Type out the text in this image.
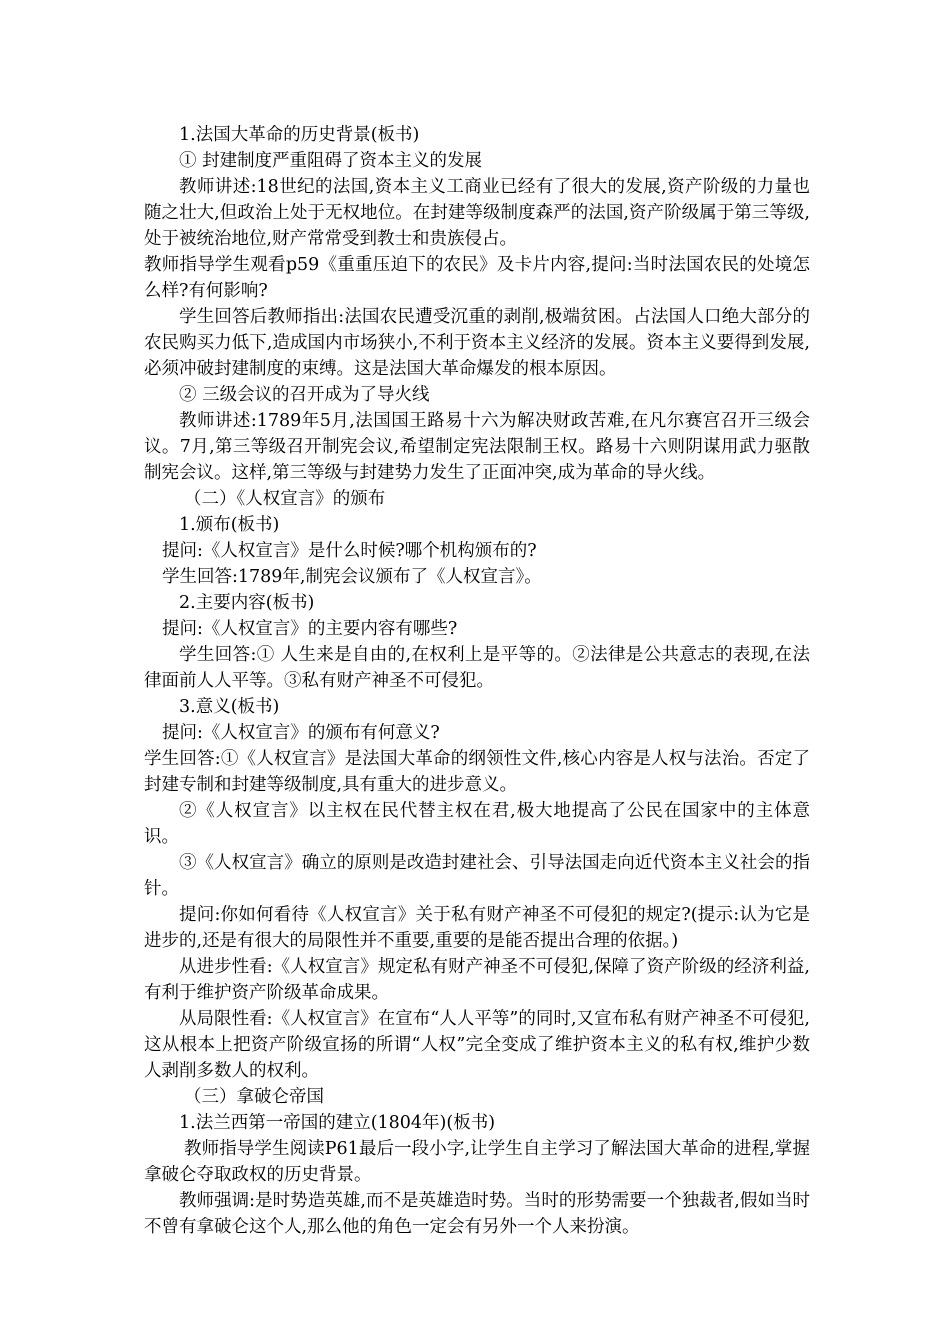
1.法国大革命的历史背景(板书)

① 封建制度严重阻碍了资本主义的发展

教师讲述:18世纪的法国,资本主义工商业已经有了很大的发展,资产阶级的力量也随之壮大,但政治上处于无权地位。在封建等级制度森严的法国,资产阶级属于第三等级,处于被统治地位,财产常常受到教士和贵族侵占。

教师指导学生观看p59《重重压迫下的农民》及卡片内容,提问:当时法国农民的处境怎么样?有何影响?

学生回答后教师指出:法国农民遭受沉重的剥削,极端贫困。占法国人口绝大部分的农民购买力低下,造成国内市场狭小,不利于资本主义经济的发展。资本主义要得到发展,必须冲破封建制度的束缚。这是法国大革命爆发的根本原因。

② 三级会议的召开成为了导火线

教师讲述:1789年5月,法国国王路易十六为解决财政苦难,在凡尔赛宫召开三级会议。7月,第三等级召开制宪会议,希望制定宪法限制王权。路易十六则阴谋用武力驱散制宪会议。这样,第三等级与封建势力发生了正面冲突,成为革命的导火线。

（二）《人权宣言》的颁布

1.颁布(板书)

提问:《人权宣言》是什么时候?哪个机构颁布的?

学生回答:1789年,制宪会议颁布了《人权宣言》。

2.主要内容(板书)

提问:《人权宣言》的主要内容有哪些?

学生回答:① 人生来是自由的,在权利上是平等的。②法律是公共意志的表现,在法律面前人人平等。③私有财产神圣不可侵犯。

3.意义(板书)

提问:《人权宣言》的颁布有何意义?

学生回答:①《人权宣言》是法国大革命的纲领性文件,核心内容是人权与法治。否定了封建专制和封建等级制度,具有重大的进步意义。

②《人权宣言》以主权在民代替主权在君,极大地提高了公民在国家中的主体意识。

③《人权宣言》确立的原则是改造封建社会、引导法国走向近代资本主义社会的指针。

提问:你如何看待《人权宣言》关于私有财产神圣不可侵犯的规定?(提示:认为它是进步的,还是有很大的局限性并不重要,重要的是能否提出合理的依据。)

从进步性看:《人权宣言》规定私有财产神圣不可侵犯,保障了资产阶级的经济利益,有利于维护资产阶级革命成果。

从局限性看:《人权宣言》在宣布“人人平等”的同时,又宣布私有财产神圣不可侵犯,这从根本上把资产阶级宣扬的所谓“人权”完全变成了维护资本主义的私有权,维护少数人剥削多数人的权利。

（三）拿破仑帝国

1.法兰西第一帝国的建立(1804年)(板书)

教师指导学生阅读P61最后一段小字,让学生自主学习了解法国大革命的进程,掌握拿破仑夺取政权的历史背景。

教师强调:是时势造英雄,而不是英雄造时势。当时的形势需要一个独裁者,假如当时不曾有拿破仑这个人,那么他的角色一定会有另外一个人来扮演。
